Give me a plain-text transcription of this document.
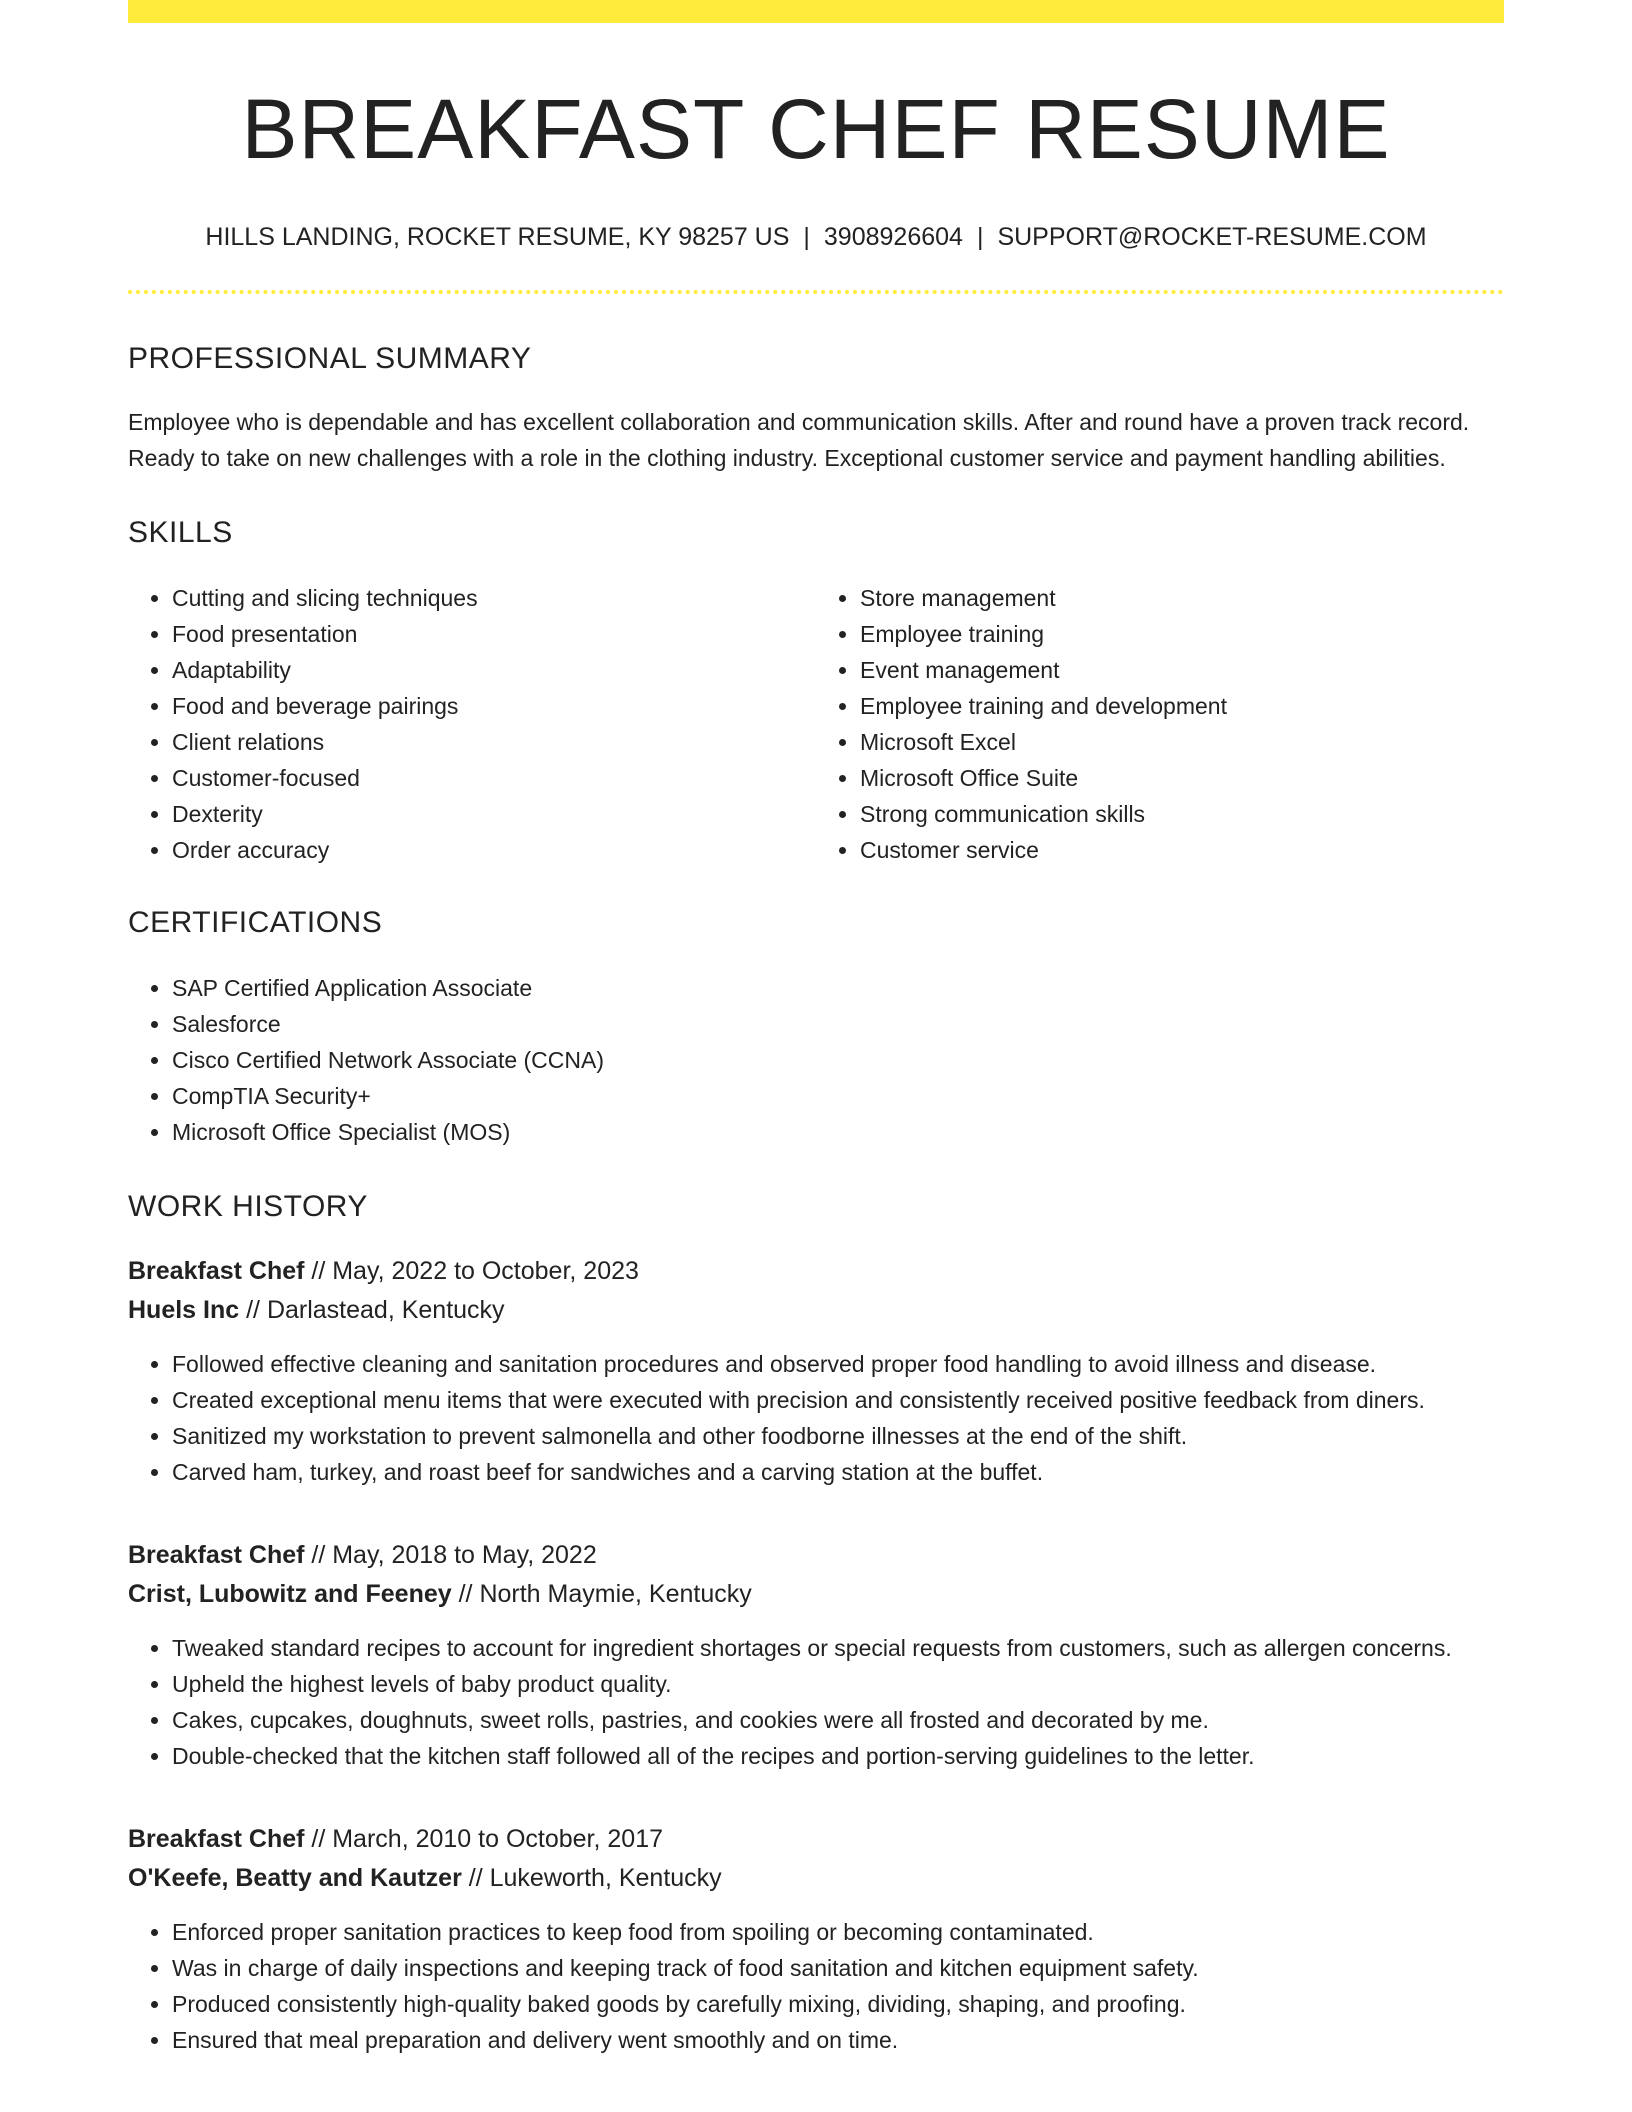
BREAKFAST CHEF RESUME
HILLS LANDING, ROCKET RESUME, KY 98257 US | 3908926604 | SUPPORT@ROCKET-RESUME.COM
PROFESSIONAL SUMMARY

Employee who is dependable and has excellent collaboration and communication skills. After and round have a proven track record. Ready to take on new challenges with a role in the clothing industry. Exceptional customer service and payment handling abilities.

SKILLS
• Cutting and slicing techniques
• Food presentation
• Adaptability
• Food and beverage pairings
• Client relations
• Customer-focused
• Dexterity
• Order accuracy
• Store management
• Employee training
• Event management
• Employee training and development
• Microsoft Excel
• Microsoft Office Suite
• Strong communication skills
• Customer service
CERTIFICATIONS
• SAP Certified Application Associate
• Salesforce
• Cisco Certified Network Associate (CCNA)
• CompTIA Security+
• Microsoft Office Specialist (MOS)
WORK HISTORY
Breakfast Chef // May, 2022 to October, 2023
Huels Inc // Darlastead, Kentucky
• Followed effective cleaning and sanitation procedures and observed proper food handling to avoid illness and disease.
• Created exceptional menu items that were executed with precision and consistently received positive feedback from diners.
• Sanitized my workstation to prevent salmonella and other foodborne illnesses at the end of the shift.
• Carved ham, turkey, and roast beef for sandwiches and a carving station at the buffet.
Breakfast Chef // May, 2018 to May, 2022
Crist, Lubowitz and Feeney // North Maymie, Kentucky
• Tweaked standard recipes to account for ingredient shortages or special requests from customers, such as allergen concerns.
• Upheld the highest levels of baby product quality.
• Cakes, cupcakes, doughnuts, sweet rolls, pastries, and cookies were all frosted and decorated by me.
• Double-checked that the kitchen staff followed all of the recipes and portion-serving guidelines to the letter.
Breakfast Chef // March, 2010 to October, 2017
O'Keefe, Beatty and Kautzer // Lukeworth, Kentucky
• Enforced proper sanitation practices to keep food from spoiling or becoming contaminated.
• Was in charge of daily inspections and keeping track of food sanitation and kitchen equipment safety.
• Produced consistently high-quality baked goods by carefully mixing, dividing, shaping, and proofing.
• Ensured that meal preparation and delivery went smoothly and on time.
